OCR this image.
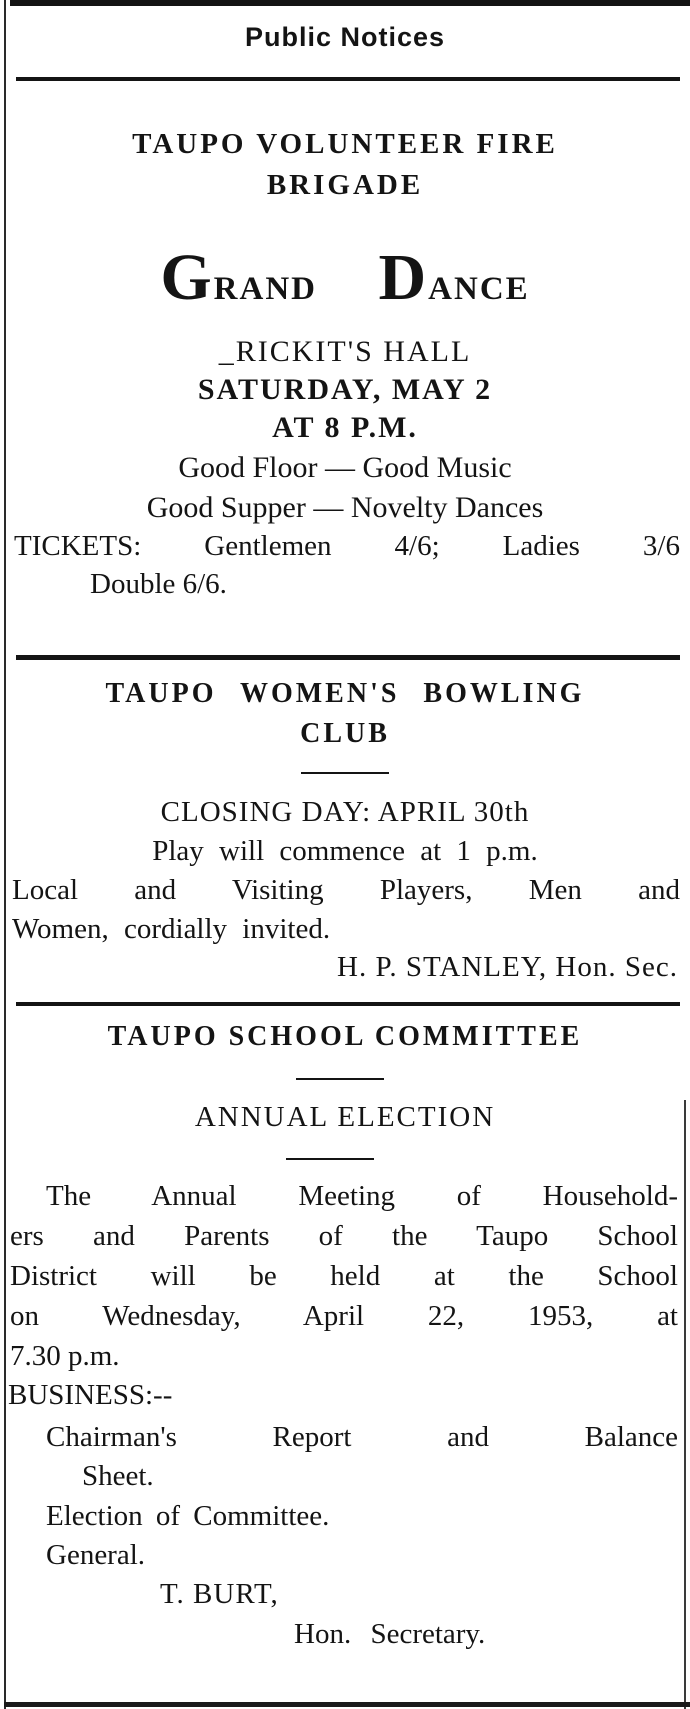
Public Notices
TAUPO VOLUNTEER FIRE
BRIGADE
GRAND DANCE
_RICKIT'S HALL
SATURDAY, MAY 2
AT 8 P.M.
Good Floor — Good Music
Good Supper — Novelty Dances
TICKETS: Gentlemen 4/6; Ladies 3/6
Double 6/6.
TAUPO WOMEN'S BOWLING
CLUB
CLOSING DAY: APRIL 30th
Play will commence at 1 p.m.
Local and Visiting Players, Men and
Women, cordially invited.
H. P. STANLEY, Hon. Sec.
TAUPO SCHOOL COMMITTEE
ANNUAL ELECTION
The Annual Meeting of Household-
ers and Parents of the Taupo School
District will be held at the School
on Wednesday, April 22, 1953, at
7.30 p.m.
BUSINESS:--
Chairman's Report and Balance
Sheet.
Election of Committee.
General.
T. BURT,
Hon. Secretary.
